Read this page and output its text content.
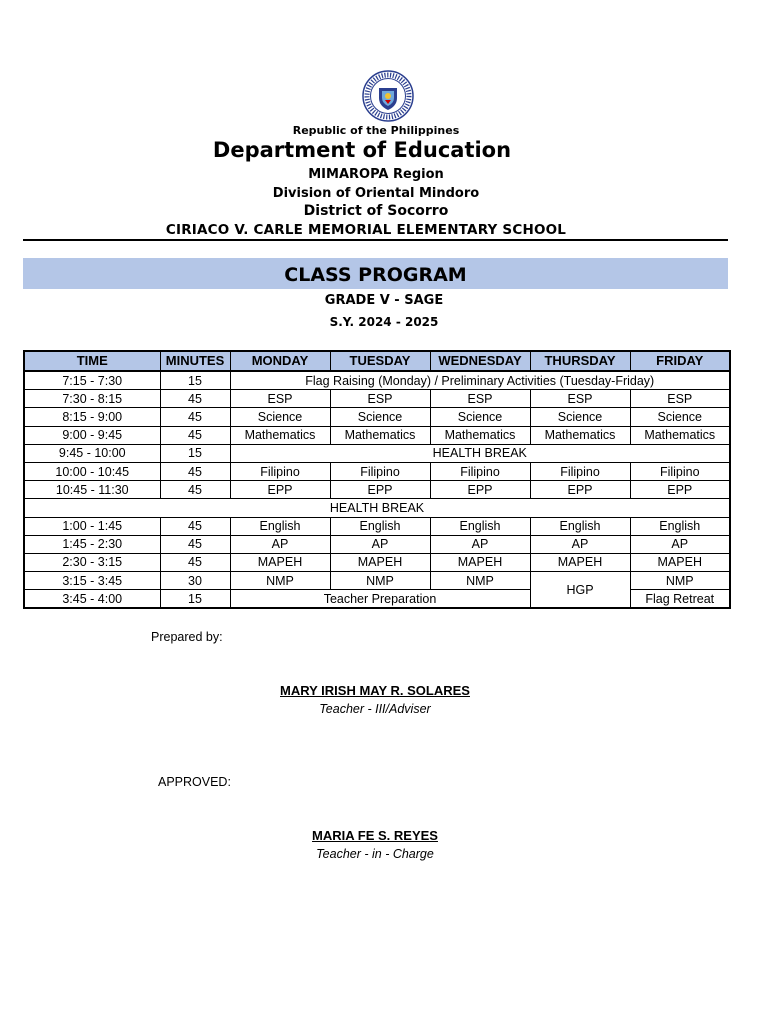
Republic of the Philippines
Department of Education
MIMAROPA Region
Division of Oriental Mindoro
District of Socorro
CIRIACO V. CARLE MEMORIAL ELEMENTARY SCHOOL
CLASS PROGRAM
GRADE V - SAGE
S.Y. 2024 - 2025
TIME	MINUTES	MONDAY	TUESDAY	WEDNESDAY	THURSDAY	FRIDAY
7:15 - 7:30	15	Flag Raising (Monday) / Preliminary Activities (Tuesday-Friday)				
7:30 - 8:15	45	ESP	ESP	ESP	ESP	ESP
8:15 - 9:00	45	Science	Science	Science	Science	Science
9:00 - 9:45	45	Mathematics	Mathematics	Mathematics	Mathematics	Mathematics
9:45 - 10:00	15	HEALTH BREAK				
10:00 - 10:45	45	Filipino	Filipino	Filipino	Filipino	Filipino
10:45 - 11:30	45	EPP	EPP	EPP	EPP	EPP
HEALTH BREAK						
1:00 - 1:45	45	English	English	English	English	English
1:45 - 2:30	45	AP	AP	AP	AP	AP
2:30 - 3:15	45	MAPEH	MAPEH	MAPEH	MAPEH	MAPEH
3:15 - 3:45	30	NMP	NMP	NMP	HGP	NMP
3:45 - 4:00	15	Teacher Preparation				Flag Retreat
Prepared by:
MARY IRISH MAY R. SOLARES
Teacher - III/Adviser
APPROVED:
MARIA FE S. REYES
Teacher - in - Charge
